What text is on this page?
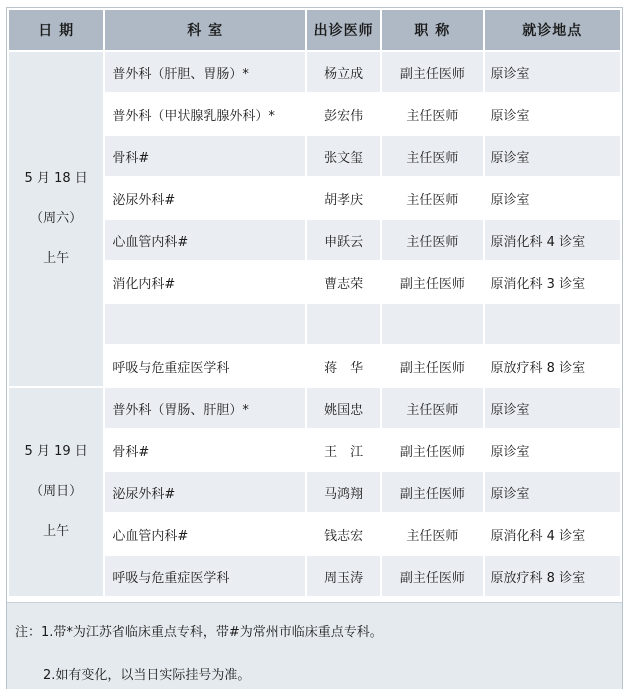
日 期	科 室	出诊医师	职 称	就诊地点

5 月 18 日
（周六）
上午	普外科（肝胆、胃肠）*	杨立成	副主任医师	原诊室
	普外科（甲状腺乳腺外科）*	彭宏伟	主任医师	原诊室
	骨科#	张文玺	主任医师	原诊室
	泌尿外科#	胡孝庆	主任医师	原诊室
	心血管内科#	申跃云	主任医师	原消化科 4 诊室
	消化内科#	曹志荣	副主任医师	原消化科 3 诊室

	呼吸与危重症医学科	蒋　华	副主任医师	原放疗科 8 诊室

5 月 19 日
（周日）
上午	普外科（胃肠、肝胆）*	姚国忠	主任医师	原诊室
	骨科#	王　江	副主任医师	原诊室
	泌尿外科#	马鸿翔	副主任医师	原诊室
	心血管内科#	钱志宏	主任医师	原消化科 4 诊室
	呼吸与危重症医学科	周玉涛	副主任医师	原放疗科 8 诊室
注：1.带*为江苏省临床重点专科，带#为常州市临床重点专科。
2.如有变化，以当日实际挂号为准。
